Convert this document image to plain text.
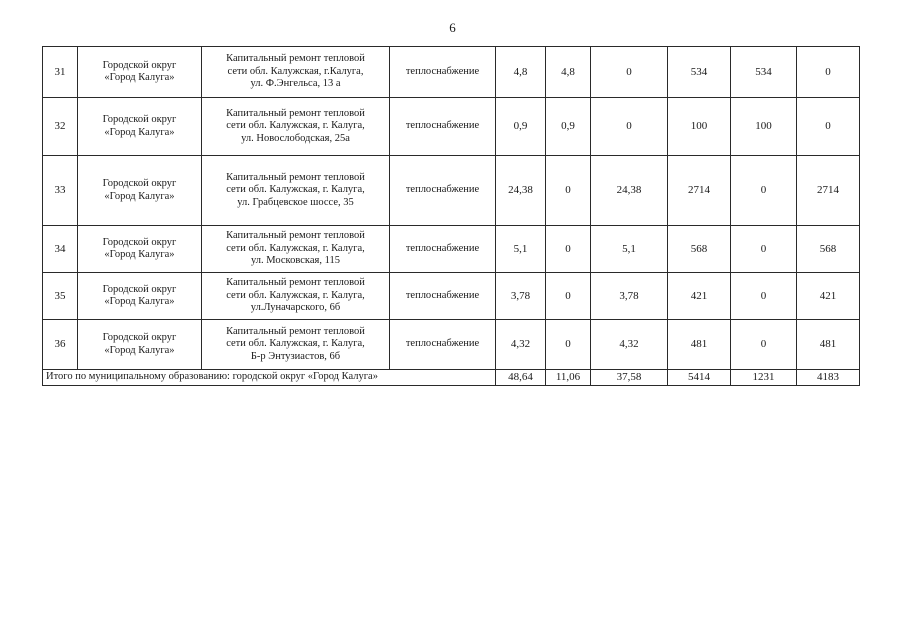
6
31	Городской округ
«Город Калуга»	Капитальный ремонт тепловой
сети обл. Калужская, г.Калуга,
ул. Ф.Энгельса, 13 а	теплоснабжение	4,8	4,8	0	534	534	0
32	Городской округ
«Город Калуга»	Капитальный ремонт тепловой
сети обл. Калужская, г. Калуга,
ул. Новослободская, 25а	теплоснабжение	0,9	0,9	0	100	100	0
33	Городской округ
«Город Калуга»	Капитальный ремонт тепловой
сети обл. Калужская, г. Калуга,
ул. Грабцевское шоссе, 35	теплоснабжение	24,38	0	24,38	2714	0	2714
34	Городской округ
«Город Калуга»	Капитальный ремонт тепловой
сети обл. Калужская, г. Калуга,
ул. Московская, 115	теплоснабжение	5,1	0	5,1	568	0	568
35	Городской округ
«Город Калуга»	Капитальный ремонт тепловой
сети обл. Калужская, г. Калуга,
ул.Луначарского, 6б	теплоснабжение	3,78	0	3,78	421	0	421
36	Городской округ
«Город Калуга»	Капитальный ремонт тепловой
сети обл. Калужская, г. Калуга,
Б-р Энтузиастов, 6б	теплоснабжение	4,32	0	4,32	481	0	481
Итого по муниципальному образованию: городской округ «Город Калуга»				48,64	11,06	37,58	5414	1231	4183
